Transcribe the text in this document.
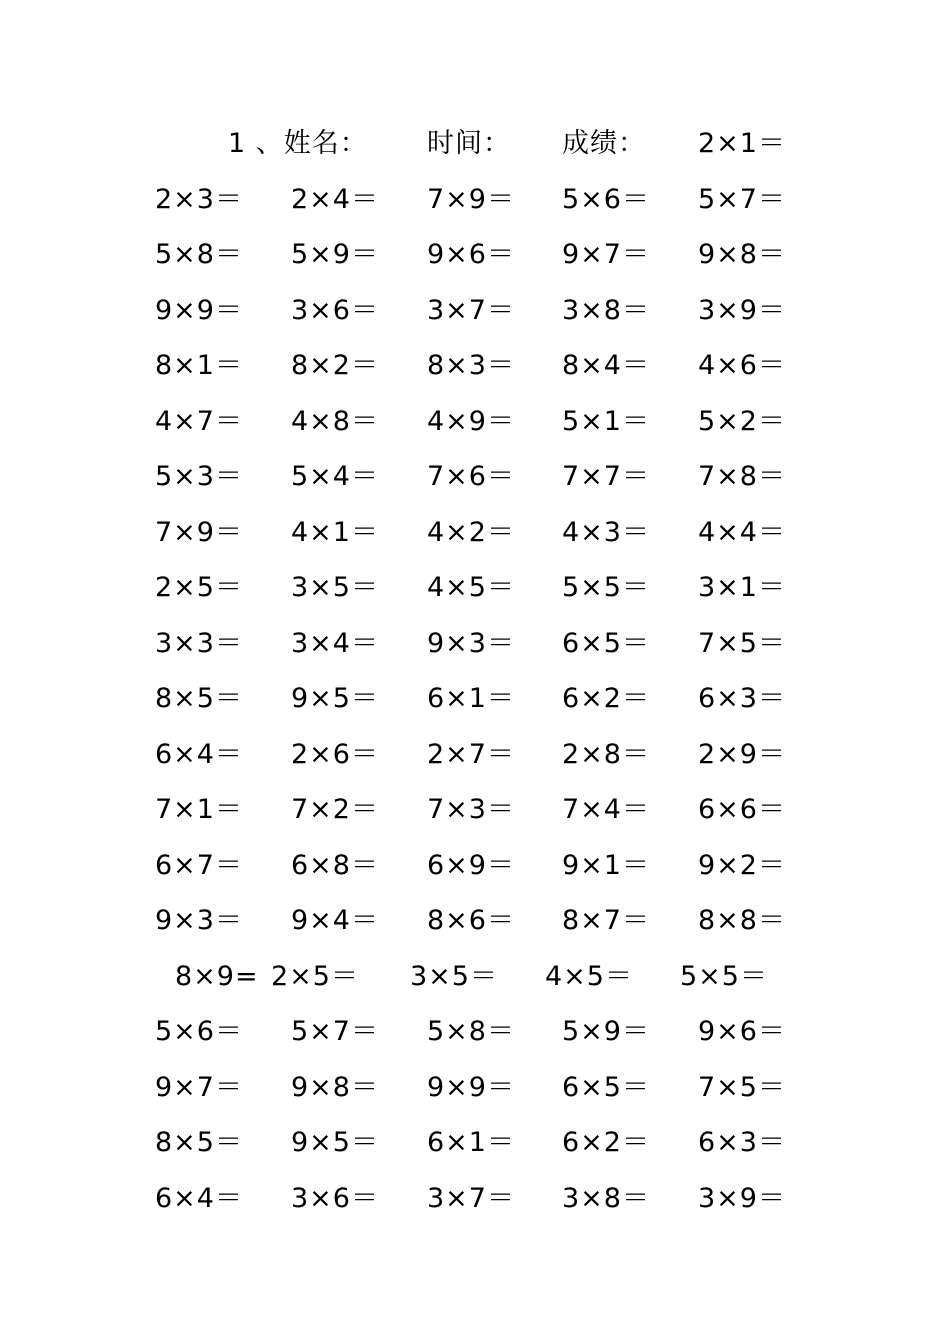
1 、姓名： 时间： 成绩： 2×1＝
2×3＝ 2×4＝ 7×9＝ 5×6＝ 5×7＝
5×8＝ 5×9＝ 9×6＝ 9×7＝ 9×8＝
9×9＝ 3×6＝ 3×7＝ 3×8＝ 3×9＝
8×1＝ 8×2＝ 8×3＝ 8×4＝ 4×6＝
4×7＝ 4×8＝ 4×9＝ 5×1＝ 5×2＝
5×3＝ 5×4＝ 7×6＝ 7×7＝ 7×8＝
7×9＝ 4×1＝ 4×2＝ 4×3＝ 4×4＝
2×5＝ 3×5＝ 4×5＝ 5×5＝ 3×1＝
3×3＝ 3×4＝ 9×3＝ 6×5＝ 7×5＝
8×5＝ 9×5＝ 6×1＝ 6×2＝ 6×3＝
6×4＝ 2×6＝ 2×7＝ 2×8＝ 2×9＝
7×1＝ 7×2＝ 7×3＝ 7×4＝ 6×6＝
6×7＝ 6×8＝ 6×9＝ 9×1＝ 9×2＝
9×3＝ 9×4＝ 8×6＝ 8×7＝ 8×8＝
8×9= 2×5＝ 3×5＝ 4×5＝ 5×5＝
5×6＝ 5×7＝ 5×8＝ 5×9＝ 9×6＝
9×7＝ 9×8＝ 9×9＝ 6×5＝ 7×5＝
8×5＝ 9×5＝ 6×1＝ 6×2＝ 6×3＝
6×4＝ 3×6＝ 3×7＝ 3×8＝ 3×9＝
